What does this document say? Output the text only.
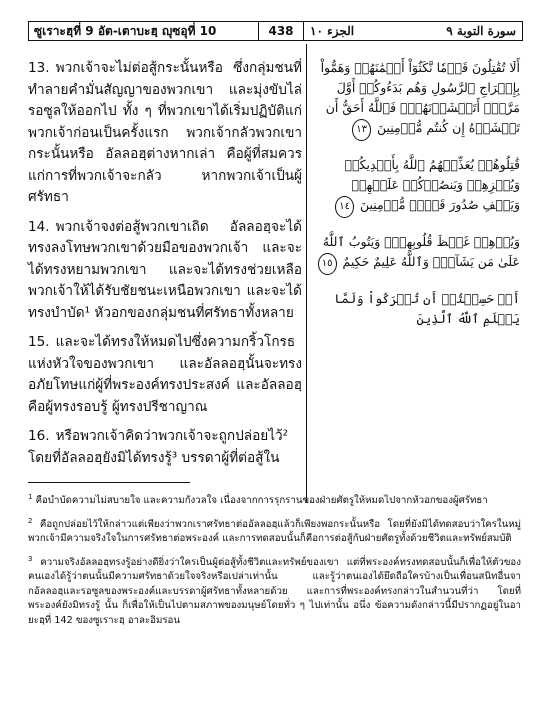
ซูเราะฮฺที่ 9 อัต-เตาบะฮฺ ญุซอุที่ 10	438	سورة التوبة ٩
الجزء ١٠

13. พวกเจ้าจะไม่ต่อสู้กระนั้นหรือ ซึ่งกลุ่มชนที่ทำลายคำมั่นสัญญาของพวกเขา และมุ่งขับไล่รอซูลให้ออกไป ทั้ง ๆ ที่พวกเขาได้เริ่มปฏิบัติแก่พวกเจ้าก่อนเป็นครั้งแรก พวกเจ้ากลัวพวกเขากระนั้นหรือ อัลลอฮฺต่างหากเล่า คือผู้ที่สมควรแก่การที่พวกเจ้าจะกลัว หากพวกเจ้าเป็นผู้ศรัทธา

14. พวกเจ้าจงต่อสู้พวกเขาเถิด อัลลอฮฺจะได้ทรงลงโทษพวกเขาด้วยมือของพวกเจ้า และจะได้ทรงหยามพวกเขา และจะได้ทรงช่วยเหลือพวกเจ้าให้ได้รับชัยชนะเหนือพวกเขา และจะได้ทรงบำบัด¹ หัวอกของกลุ่มชนที่ศรัทธาทั้งหลาย

15. และจะได้ทรงให้หมดไปซึ่งความกริ้วโกรธแห่งหัวใจของพวกเขา และอัลลอฮฺนั้นจะทรงอภัยโทษแก่ผู้ที่พระองค์ทรงประสงค์ และอัลลอฮฺคือผู้ทรงรอบรู้ ผู้ทรงปรีชาญาณ

16. หรือพวกเจ้าคิดว่าพวกเจ้าจะถูกปล่อยไว้² โดยที่อัลลอฮฺยังมิได้ทรงรู้³ บรรดาผู้ที่ต่อสู้ใน

أَلَا تُقَٰتِلُونَ قَوۡمٗا نَّكَثُوٓاْ أَيۡمَٰنَهُمۡ وَهَمُّواْ بِإِخۡرَاجِ ٱلرَّسُولِ وَهُم بَدَءُوكُمۡ أَوَّلَ مَرَّةٍۚ أَتَخۡشَوۡنَهُمۡۚ فَٱللَّهُ أَحَقُّ أَن تَخۡشَوۡهُ إِن كُنتُم مُّؤۡمِنِينَ ١٣

قَٰتِلُوهُمۡ يُعَذِّبۡهُمُ ٱللَّهُ بِأَيۡدِيكُمۡ وَيُخۡزِهِمۡ وَيَنصُرۡكُمۡ عَلَيۡهِمۡ وَيَشۡفِ صُدُورَ قَوۡمٖ مُّؤۡمِنِينَ ١٤

وَيُذۡهِبۡ غَيۡظَ قُلُوبِهِمۡۗ وَيَتُوبُ ٱللَّهُ عَلَىٰ مَن يَشَآءُۗ وَٱللَّهُ عَلِيمٌ حَكِيمٌ ١٥

أَمۡ حَسِبۡتُمۡ أَن تُتۡرَكُواْ وَلَمَّا يَعۡلَمِ ٱللَّهُ ٱلَّذِينَ

$^1$ คือบำบัดความไม่สบายใจ และความกังวลใจ เนื่องจากการรุกรานของฝ่ายศัตรูให้หมดไปจากหัวอกของผู้ศรัทธา

$^2$ คือถูกปล่อยไว้ให้กล่าวแต่เพียงว่าพวกเราศรัทธาต่ออัลลอฮฺแล้วก็เพียงพอกระนั้นหรือ โดยที่ยังมิได้ทดสอบว่าใครในหมู่พวกเจ้ามีความจริงใจในการศรัทธาต่อพระองค์ และการทดสอบนั้นก็คือการต่อสู้กับฝ่ายศัตรูทั้งด้วยชีวิตและทรัพย์สมบัติ

$^3$ ความจริงอัลลอฮฺทรงรู้อย่างดียิ่งว่าใครเป็นผู้ต่อสู้ทั้งชีวิตและทรัพย์ของเขา แต่ที่พระองค์ทรงทดสอบนั้นก็เพื่อให้ตัวของคนเองได้รู้ว่าตนนั้นมีความศรัทธาด้วยใจจริงหรือเปล่าเท่านั้น และรู้ว่าตนเองได้ยึดถือใครบ้างเป็นเพื่อนสนิทอื่นจากอัลลอฮฺและรอซูลของพระองค์และบรรดาผู้ศรัทธาทั้งหลายด้วย และการที่พระองค์ทรงกล่าวในสำนวนที่ว่า โดยที่พระองค์ยังมิทรงรู้ นั้น ก็เพื่อให้เป็นไปตามสภาพของมนุษย์โดยทั่ว ๆ ไปเท่านั้น อนึ่ง ข้อความดังกล่าวนี้มีปรากฏอยู่ในอายะฮฺที่ 142 ของซูเราะฮฺ อาละอิมรอน
